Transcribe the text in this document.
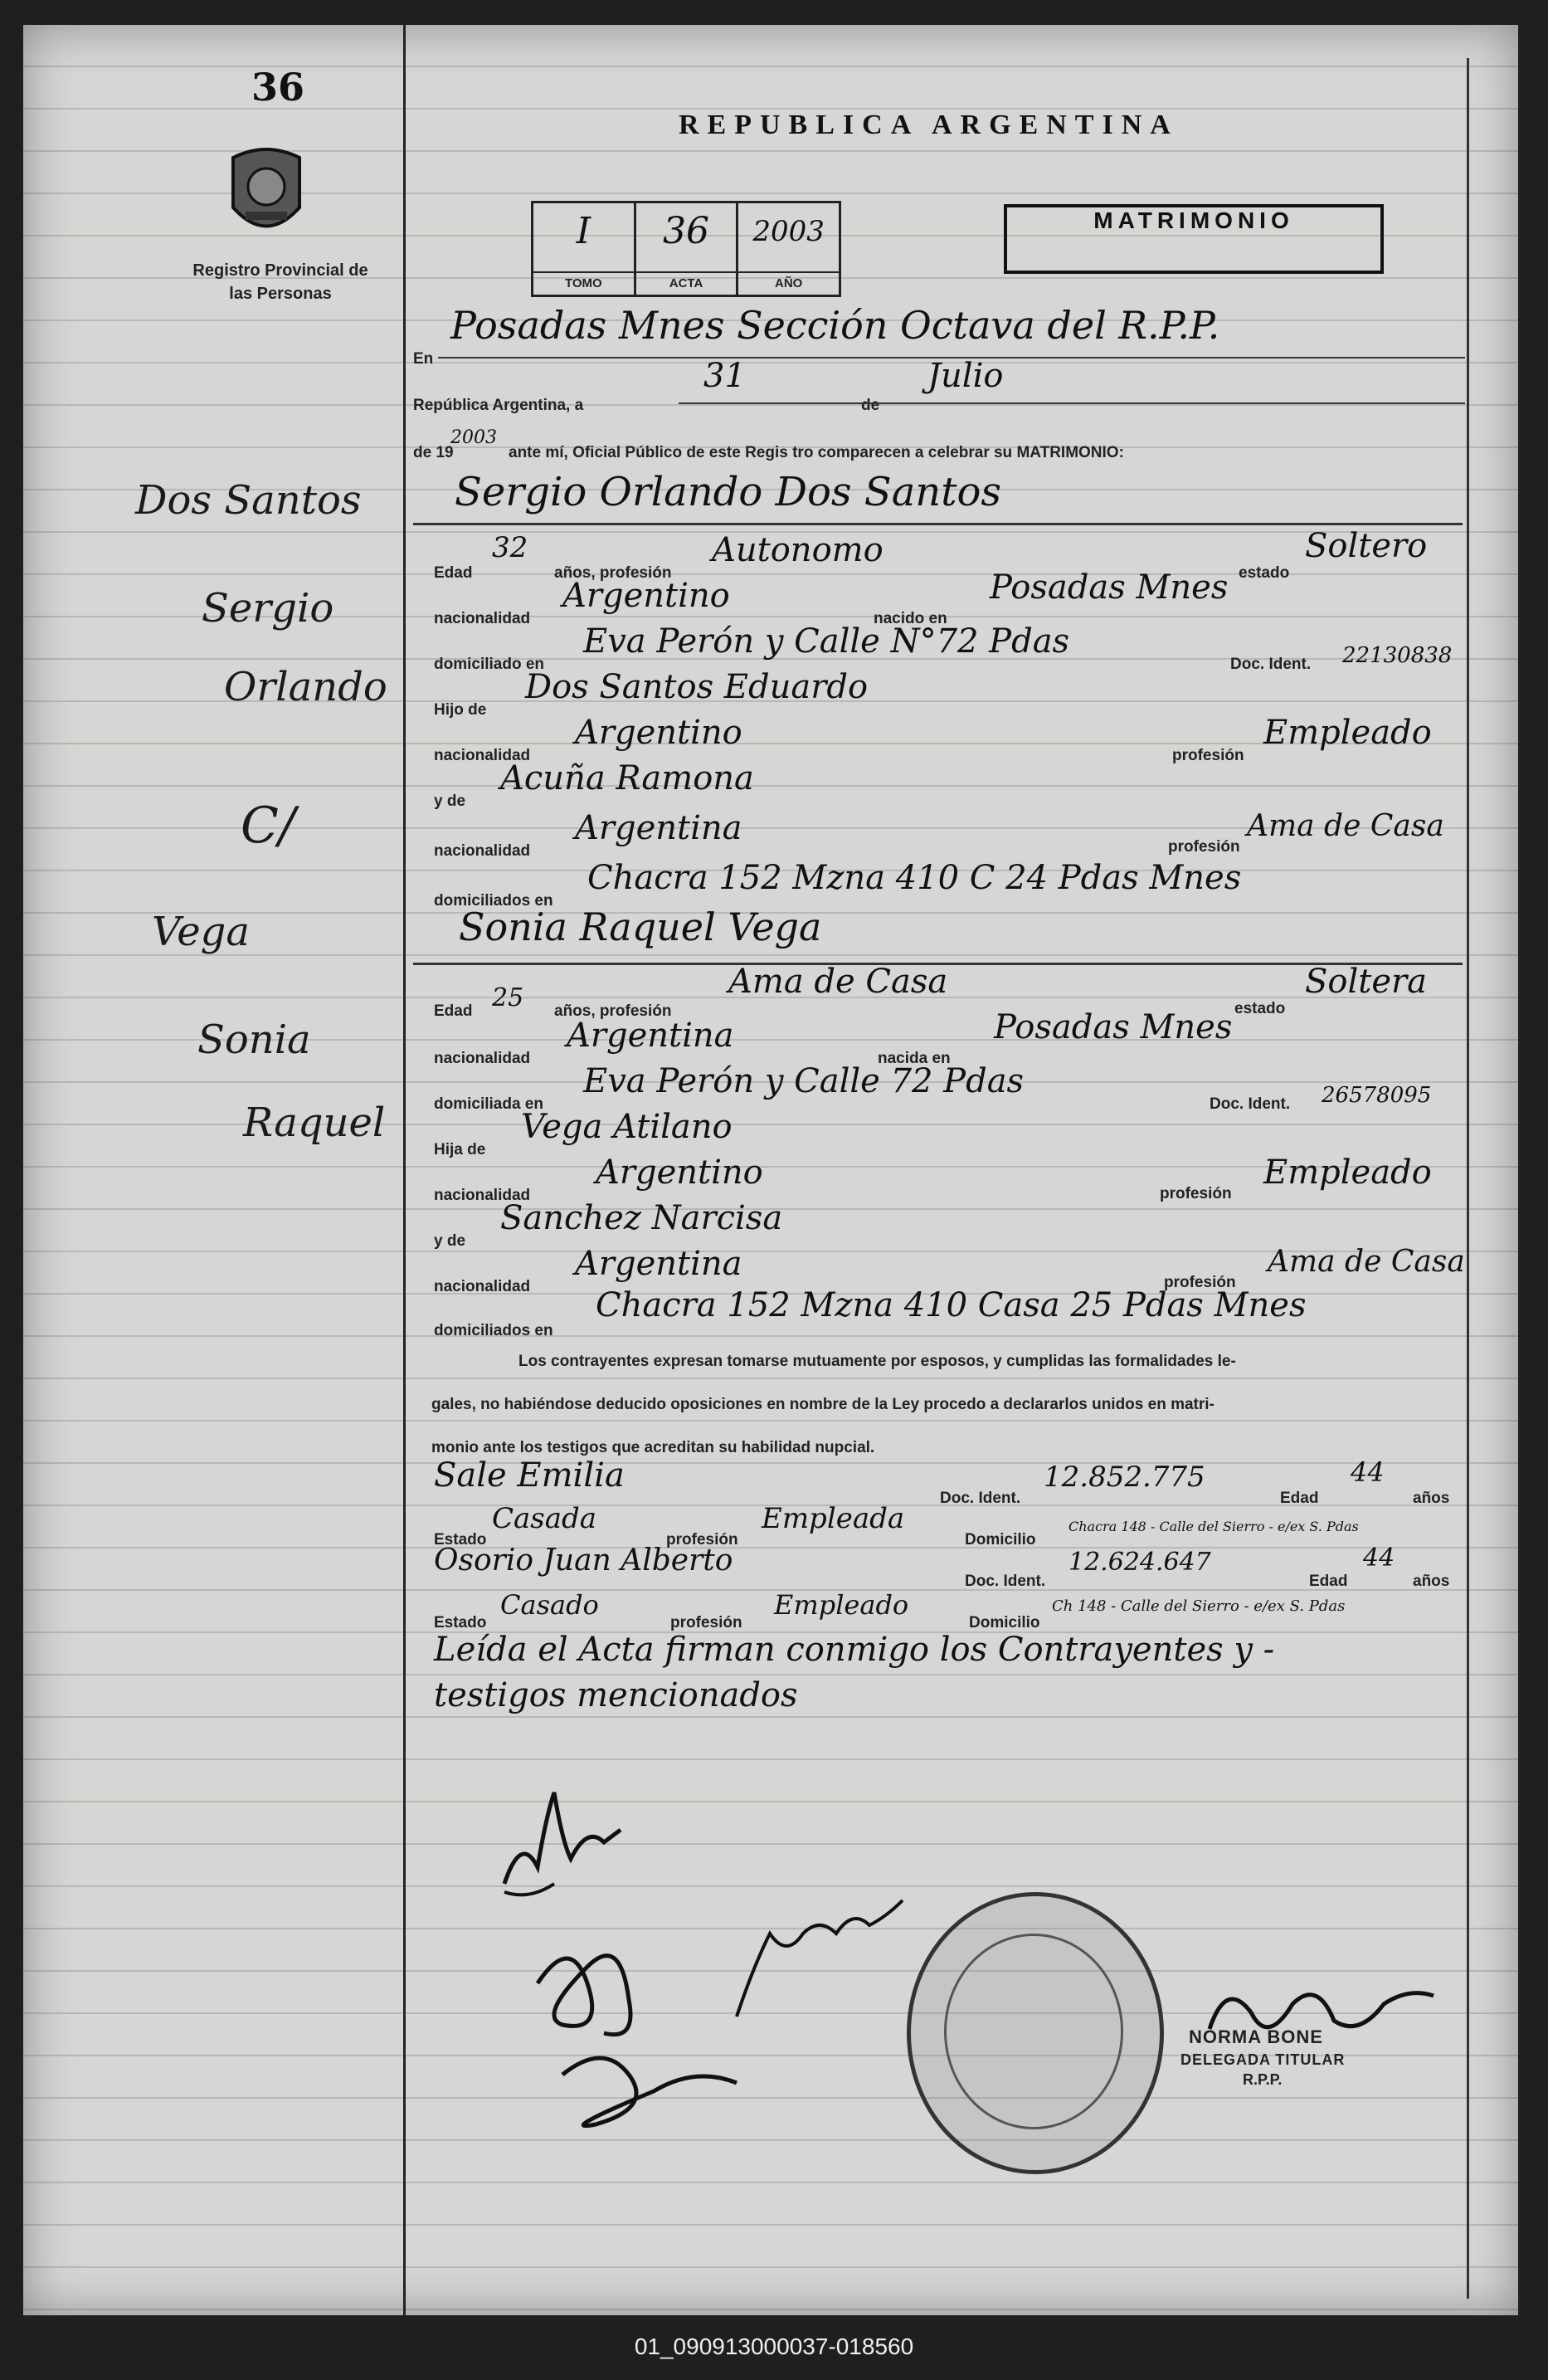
36
Registro Provincial de las Personas
Dos Santos
Sergio
Orlando
C/
Vega
Sonia
Raquel
REPUBLICA ARGENTINA
I
TOMO
36
ACTA
2003
AÑO
MATRIMONIO
En
Posadas Mnes Sección Octava del R.P.P.
República Argentina, a
31
de
Julio
de 19
2003
ante mí, Oficial Público de este Regis tro comparecen a celebrar su MATRIMONIO:
Sergio Orlando Dos Santos
Edad
32
años, profesión
Autonomo
estado
Soltero
nacionalidad
Argentino
nacido en
Posadas Mnes
domiciliado en
Eva Perón y Calle N°72 Pdas
Doc. Ident. 22130838
Hijo de
Dos Santos Eduardo
nacionalidad
Argentino
profesión
Empleado
y de
Acuña Ramona
nacionalidad
Argentina	profesión
Ama de Casa
domiciliados en
Chacra 152 Mzna 410 C 24 Pdas Mnes
Sonia Raquel Vega
Edad 25 años, profesión
Ama de Casa
estado
Soltera
nacionalidad
Argentina
nacida en
Posadas Mnes
domiciliada en
Eva Perón y Calle 72 Pdas
Doc. Ident. 26578095
Hija de
Vega Atilano
nacionalidad
Argentino
profesión
Empleado
y de
Sanchez Narcisa
nacionalidad
Argentina	profesión
Ama de Casa
domiciliados en
Chacra 152 Mzna 410 Casa 25 Pdas Mnes
Los contrayentes expresan tomarse mutuamente por esposos, y cumplidas las formalidades le-
gales, no habiéndose deducido oposiciones en nombre de la Ley procedo a declararlos unidos en matri-
monio ante los testigos que acreditan su habilidad nupcial.
Sale Emilia
Doc. Ident.
12.852.775
Edad
44
años
Estado
Casada
profesión
Empleada
Domicilio
Chacra 148 - Calle del Sierro - e/ex S. Pdas
Osorio Juan Alberto
Doc. Ident.
12.624.647
Edad
44
años
Estado
Casado
profesión
Empleado
Domicilio
Ch 148 - Calle del Sierro - e/ex S. Pdas
Leída el Acta firman conmigo los Contrayentes y -
testigos mencionados
NORMA BONE
DELEGADA TITULAR
R.P.P.
01_090913000037-018560
